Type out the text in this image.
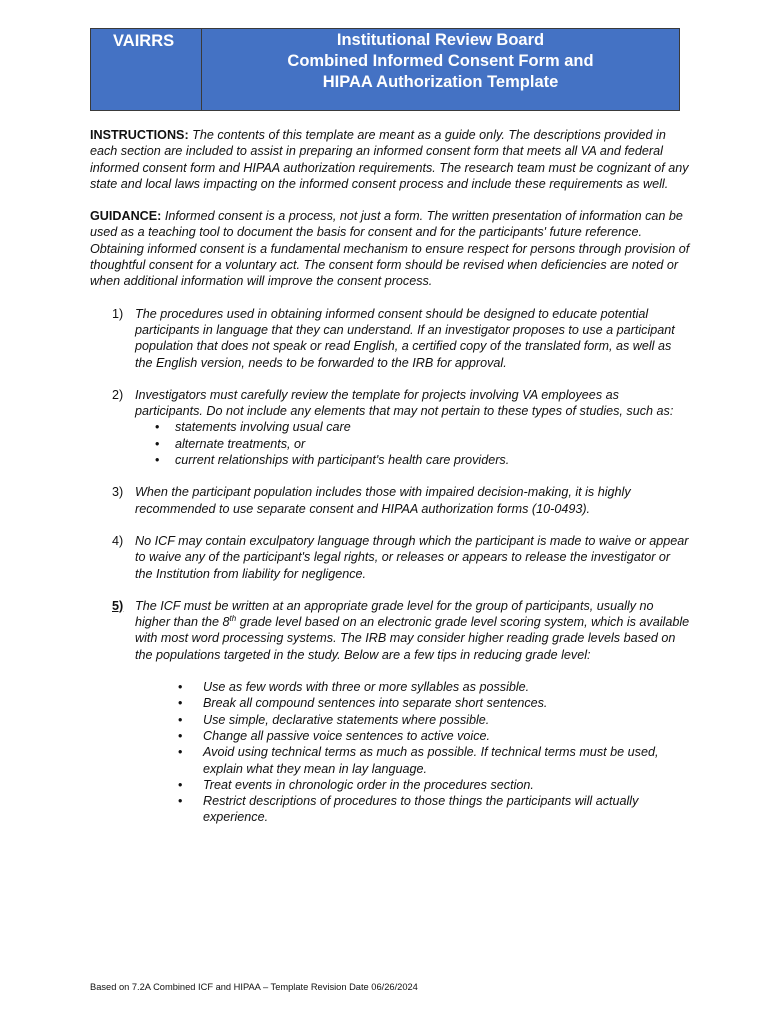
VAIRRS	Institutional Review Board
Combined Informed Consent Form and
HIPAA Authorization Template

INSTRUCTIONS: The contents of this template are meant as a guide only. The descriptions provided in each section are included to assist in preparing an informed consent form that meets all VA and federal informed consent form and HIPAA authorization requirements. The research team must be cognizant of any state and local laws impacting on the informed consent process and include these requirements as well.

GUIDANCE: Informed consent is a process, not just a form. The written presentation of information can be used as a teaching tool to document the basis for consent and for the participants' future reference. Obtaining informed consent is a fundamental mechanism to ensure respect for persons through provision of thoughtful consent for a voluntary act. The consent form should be revised when deficiencies are noted or when additional information will improve the consent process.

1) The procedures used in obtaining informed consent should be designed to educate potential participants in language that they can understand. If an investigator proposes to use a participant population that does not speak or read English, a certified copy of the translated form, as well as the English version, needs to be forwarded to the IRB for approval.
2) Investigators must carefully review the template for projects involving VA employees as participants. Do not include any elements that may not pertain to these types of studies, such as:
• statements involving usual care
• alternate treatments, or
• current relationships with participant's health care providers.
3) When the participant population includes those with impaired decision-making, it is highly recommended to use separate consent and HIPAA authorization forms (10-0493).
4) No ICF may contain exculpatory language through which the participant is made to waive or appear to waive any of the participant's legal rights, or releases or appears to release the investigator or the Institution from liability for negligence.
5) The ICF must be written at an appropriate grade level for the group of participants, usually no higher than the 8th grade level based on an electronic grade level scoring system, which is available with most word processing systems. The IRB may consider higher reading grade levels based on the populations targeted in the study. Below are a few tips in reducing grade level:
• Use as few words with three or more syllables as possible.
• Break all compound sentences into separate short sentences.
• Use simple, declarative statements where possible.
• Change all passive voice sentences to active voice.
• Avoid using technical terms as much as possible. If technical terms must be used, explain what they mean in lay language.
• Treat events in chronologic order in the procedures section.
• Restrict descriptions of procedures to those things the participants will actually experience.
Based on 7.2A Combined ICF and HIPAA – Template Revision Date 06/26/2024
